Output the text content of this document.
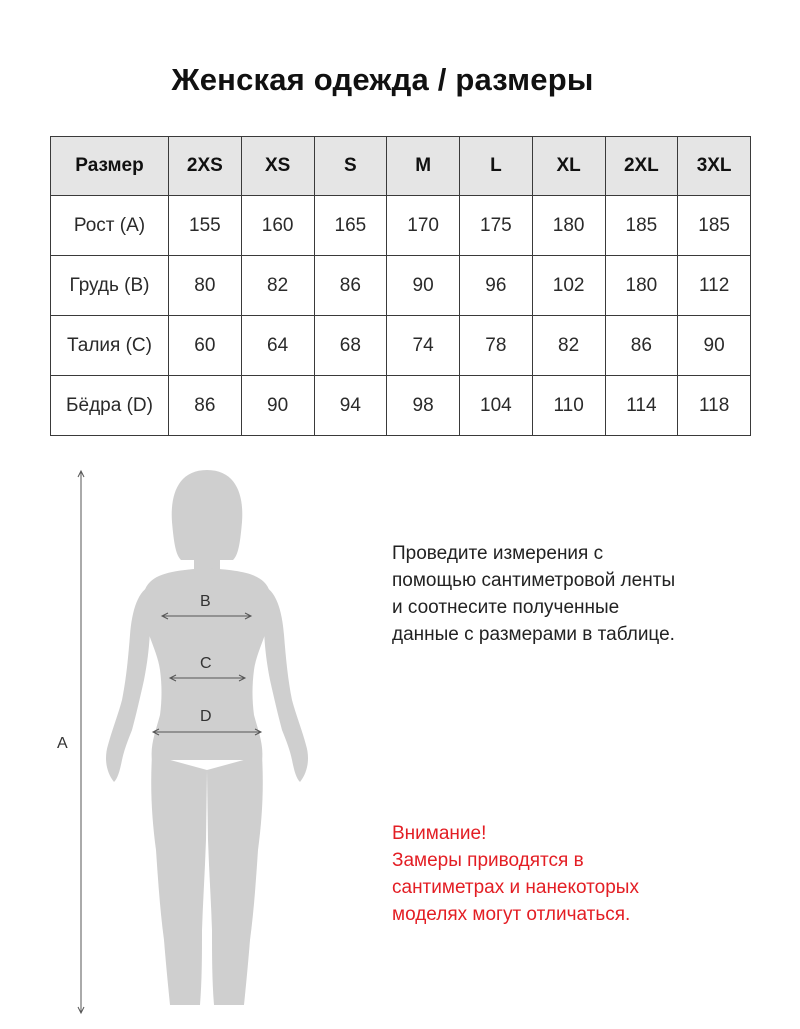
Женская одежда / размеры
Размер	2XS	XS	S	M	L	XL	2XL	3XL
Рост (A)	155	160	165	170	175	180	185	185
Грудь (B)	80	82	86	90	96	102	180	112
Талия (C)	60	64	68	74	78	82	86	90
Бёдра (D)	86	90	94	98	104	110	114	118
A
B
C
D
Проведите измерения с
помощью сантиметровой ленты
и соотнесите полученные
данные с размерами в таблице.
Внимание!
Замеры приводятся в
сантиметрах и нанекоторых
моделях могут отличаться.
